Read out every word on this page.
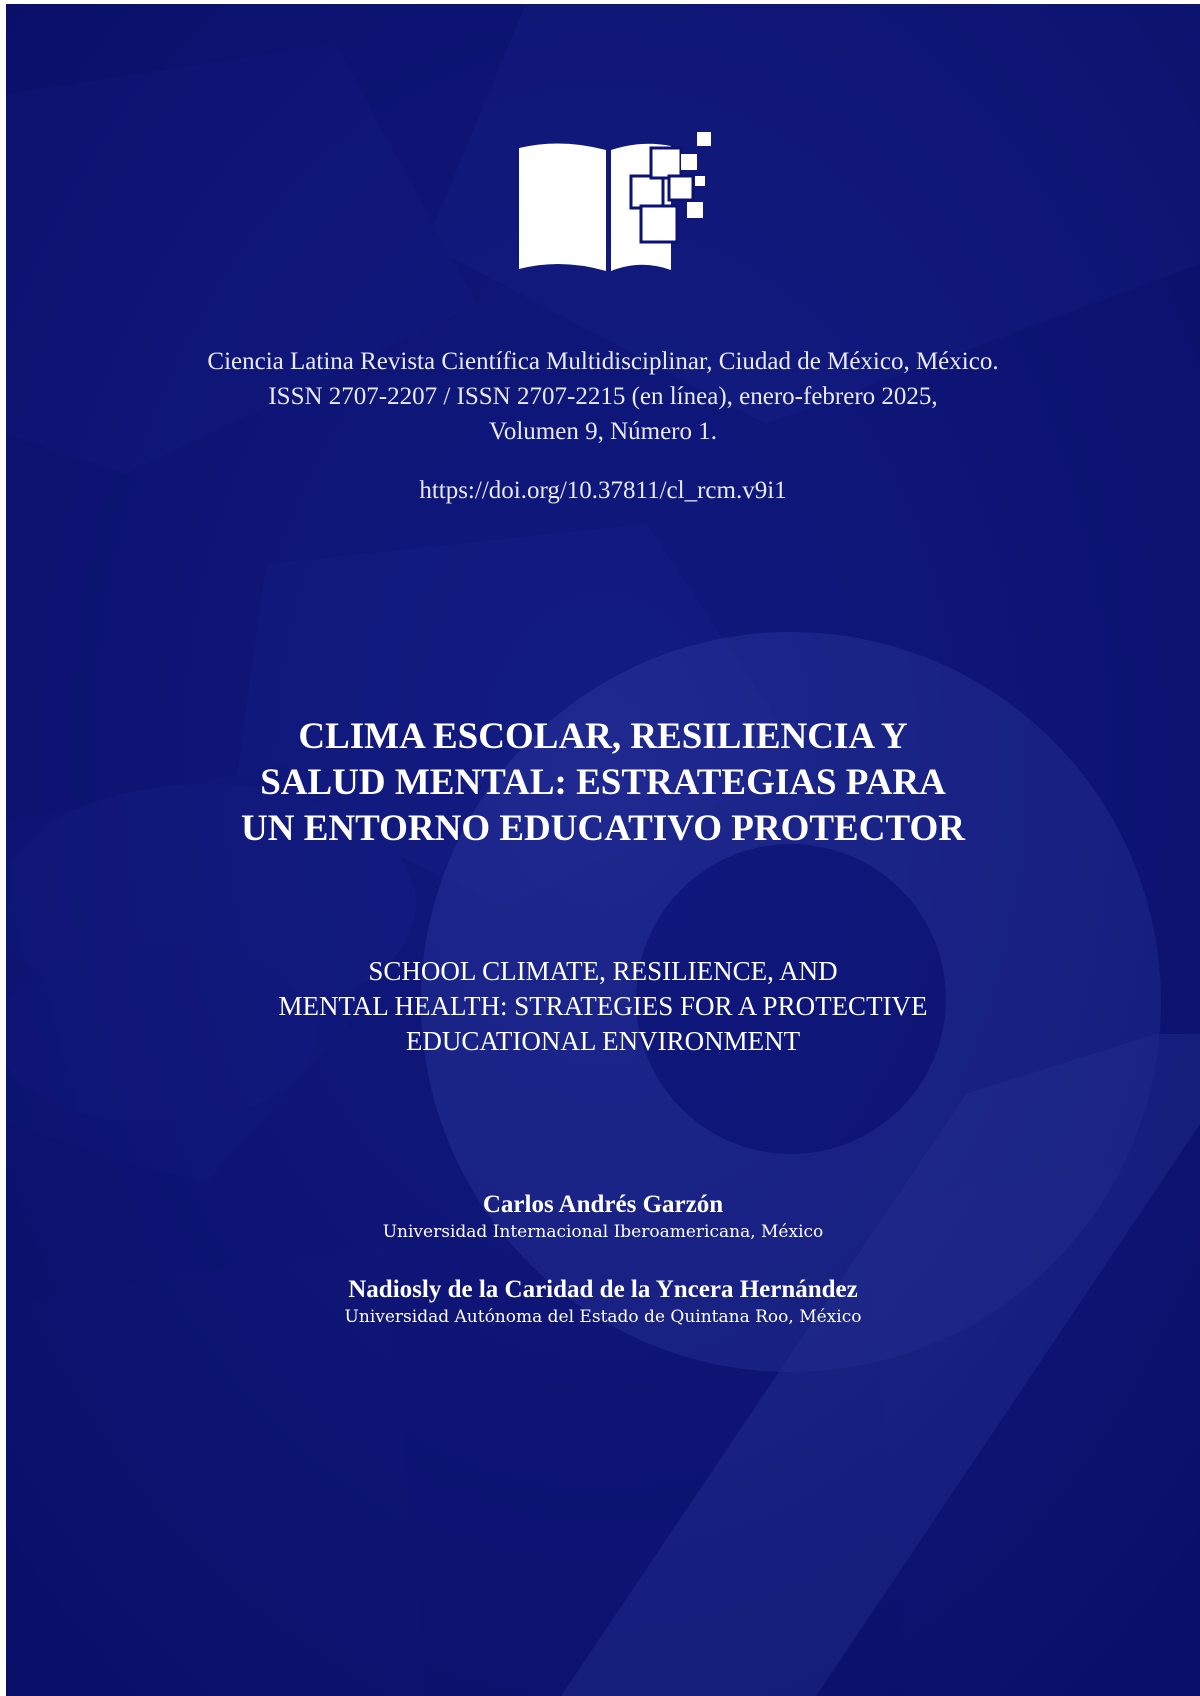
Ciencia Latina Revista Científica Multidisciplinar, Ciudad de México, México.
ISSN 2707-2207 / ISSN 2707-2215 (en línea), enero-febrero 2025,
Volumen 9, Número 1.
https://doi.org/10.37811/cl_rcm.v9i1
CLIMA ESCOLAR, RESILIENCIA Y
SALUD MENTAL: ESTRATEGIAS PARA
UN ENTORNO EDUCATIVO PROTECTOR
SCHOOL CLIMATE, RESILIENCE, AND
MENTAL HEALTH: STRATEGIES FOR A PROTECTIVE
EDUCATIONAL ENVIRONMENT
Carlos Andrés Garzón
Universidad Internacional Iberoamericana, México
Nadiosly de la Caridad de la Yncera Hernández
Universidad Autónoma del Estado de Quintana Roo, México
